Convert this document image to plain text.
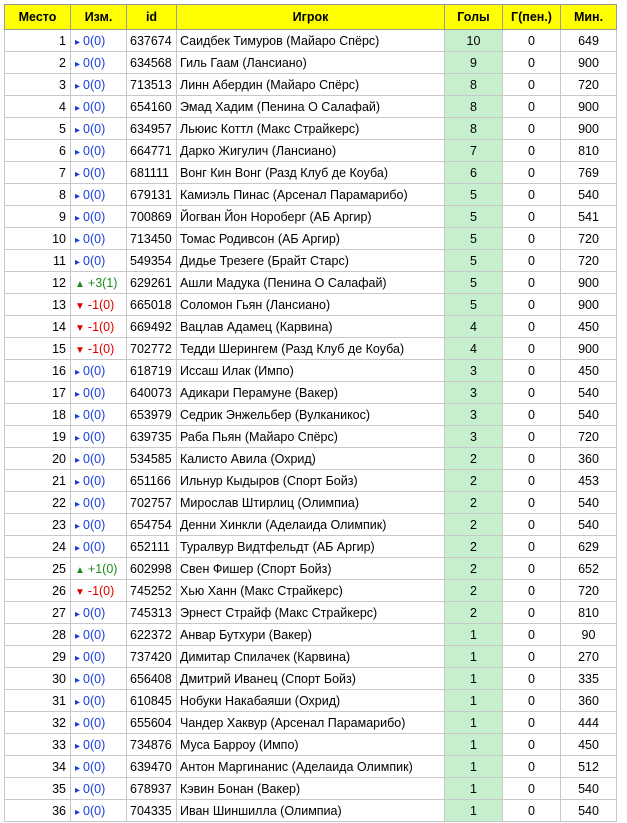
Место	Изм.	id	Игрок	Голы	Г(пен.)	Мин.
1	▸ 0(0)	637674	Саидбек Тимуров (Майаро Спёрс)	10	0	649
2	▸ 0(0)	634568	Гиль Гаам (Лансиано)	9	0	900
3	▸ 0(0)	713513	Линн Абердин (Майаро Спёрс)	8	0	720
4	▸ 0(0)	654160	Эмад Хадим (Пенина О Салафай)	8	0	900
5	▸ 0(0)	634957	Льюис Коттл (Макс Страйкерс)	8	0	900
6	▸ 0(0)	664771	Дарко Жигулич (Лансиано)	7	0	810
7	▸ 0(0)	681111	Вонг Кин Вонг (Разд Клуб де Коуба)	6	0	769
8	▸ 0(0)	679131	Камиэль Пинас (Арсенал Парамарибо)	5	0	540
9	▸ 0(0)	700869	Йогван Йон Нороберг (АБ Аргир)	5	0	541
10	▸ 0(0)	713450	Томас Родивсон (АБ Аргир)	5	0	720
11	▸ 0(0)	549354	Дидье Трезеге (Брайт Старс)	5	0	720
12	▲ +3(1)	629261	Ашли Мадука (Пенина О Салафай)	5	0	900
13	▼ -1(0)	665018	Соломон Гьян (Лансиано)	5	0	900
14	▼ -1(0)	669492	Вацлав Адамец (Карвина)	4	0	450
15	▼ -1(0)	702772	Тедди Шерингем (Разд Клуб де Коуба)	4	0	900
16	▸ 0(0)	618719	Иссаш Илак (Импо)	3	0	450
17	▸ 0(0)	640073	Адикари Перамуне (Вакер)	3	0	540
18	▸ 0(0)	653979	Седрик Энжельбер (Вулканикос)	3	0	540
19	▸ 0(0)	639735	Раба Пьян (Майаро Спёрс)	3	0	720
20	▸ 0(0)	534585	Калисто Авила (Охрид)	2	0	360
21	▸ 0(0)	651166	Ильнур Кыдыров (Спорт Бойз)	2	0	453
22	▸ 0(0)	702757	Мирослав Штирлиц (Олимпиа)	2	0	540
23	▸ 0(0)	654754	Денни Хинкли (Аделаида Олимпик)	2	0	540
24	▸ 0(0)	652111	Туралвур Видтфельдт (АБ Аргир)	2	0	629
25	▲ +1(0)	602998	Свен Фишер (Спорт Бойз)	2	0	652
26	▼ -1(0)	745252	Хью Ханн (Макс Страйкерс)	2	0	720
27	▸ 0(0)	745313	Эрнест Страйф (Макс Страйкерс)	2	0	810
28	▸ 0(0)	622372	Анвар Бутхури (Вакер)	1	0	90
29	▸ 0(0)	737420	Димитар Спилачек (Карвина)	1	0	270
30	▸ 0(0)	656408	Дмитрий Иванец (Спорт Бойз)	1	0	335
31	▸ 0(0)	610845	Нобуки Накабаяши (Охрид)	1	0	360
32	▸ 0(0)	655604	Чандер Хаквур (Арсенал Парамарибо)	1	0	444
33	▸ 0(0)	734876	Муса Барроу (Импо)	1	0	450
34	▸ 0(0)	639470	Антон Маргинанис (Аделаида Олимпик)	1	0	512
35	▸ 0(0)	678937	Кэвин Бонан (Вакер)	1	0	540
36	▸ 0(0)	704335	Иван Шиншилла (Олимпиа)	1	0	540
